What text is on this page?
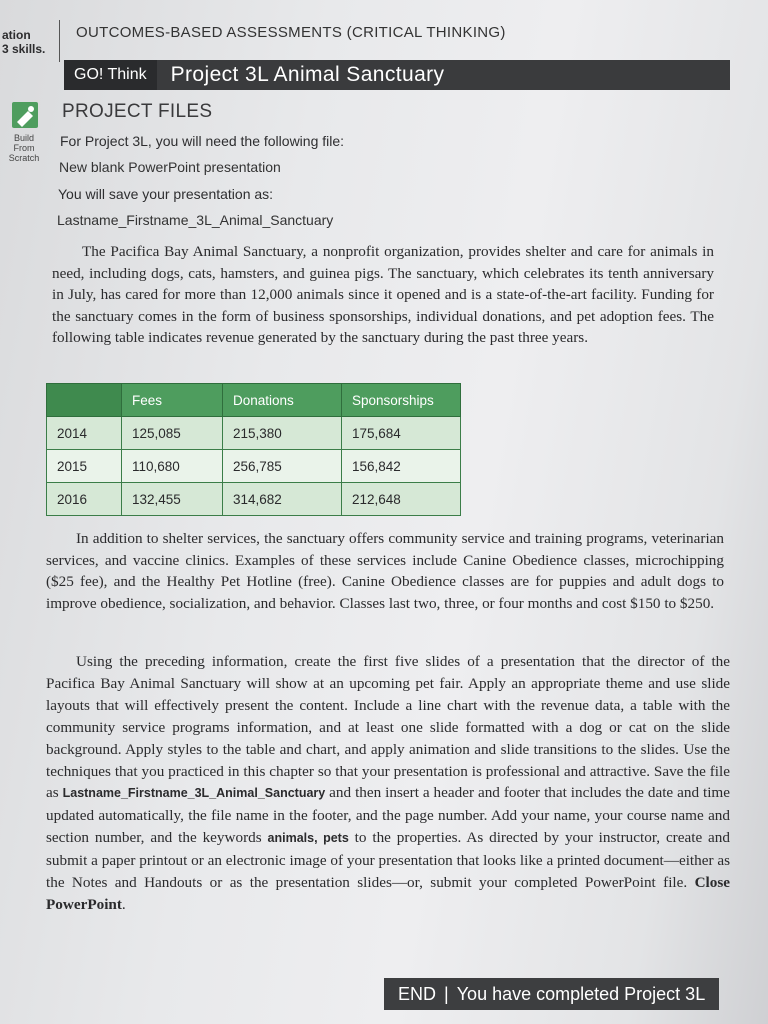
ation
3 skills.
OUTCOMES-BASED ASSESSMENTS (CRITICAL THINKING)
GO! Think	Project 3L Animal Sanctuary
Build
From
Scratch
PROJECT FILES
For Project 3L, you will need the following file:
New blank PowerPoint presentation
You will save your presentation as:
Lastname_Firstname_3L_Animal_Sanctuary

The Pacifica Bay Animal Sanctuary, a nonprofit organization, provides shelter and care for animals in need, including dogs, cats, hamsters, and guinea pigs. The sanctuary, which celebrates its tenth anniversary in July, has cared for more than 12,000 animals since it opened and is a state-of-the-art facility. Funding for the sanctuary comes in the form of business sponsorships, individual donations, and pet adoption fees. The following table indicates revenue generated by the sanctuary during the past three years.

	Fees	Donations	Sponsorships
2014	125,085	215,380	175,684
2015	110,680	256,785	156,842
2016	132,455	314,682	212,648

In addition to shelter services, the sanctuary offers community service and training programs, veterinarian services, and vaccine clinics. Examples of these services include Canine Obedience classes, microchipping ($25 fee), and the Healthy Pet Hotline (free). Canine Obedience classes are for puppies and adult dogs to improve obedience, socialization, and behavior. Classes last two, three, or four months and cost $150 to $250.

Using the preceding information, create the first five slides of a presentation that the director of the Pacifica Bay Animal Sanctuary will show at an upcoming pet fair. Apply an appropriate theme and use slide layouts that will effectively present the content. Include a line chart with the revenue data, a table with the community service programs information, and at least one slide formatted with a dog or cat on the slide background. Apply styles to the table and chart, and apply animation and slide transitions to the slides. Use the techniques that you practiced in this chapter so that your presentation is professional and attractive. Save the file as Lastname_Firstname_3L_Animal_Sanctuary and then insert a header and footer that includes the date and time updated automatically, the file name in the footer, and the page number. Add your name, your course name and section number, and the keywords animals, pets to the properties. As directed by your instructor, create and submit a paper printout or an electronic image of your presentation that looks like a printed document—either as the Notes and Handouts or as the presentation slides—or, submit your completed PowerPoint file. Close PowerPoint.

END | You have completed Project 3L
